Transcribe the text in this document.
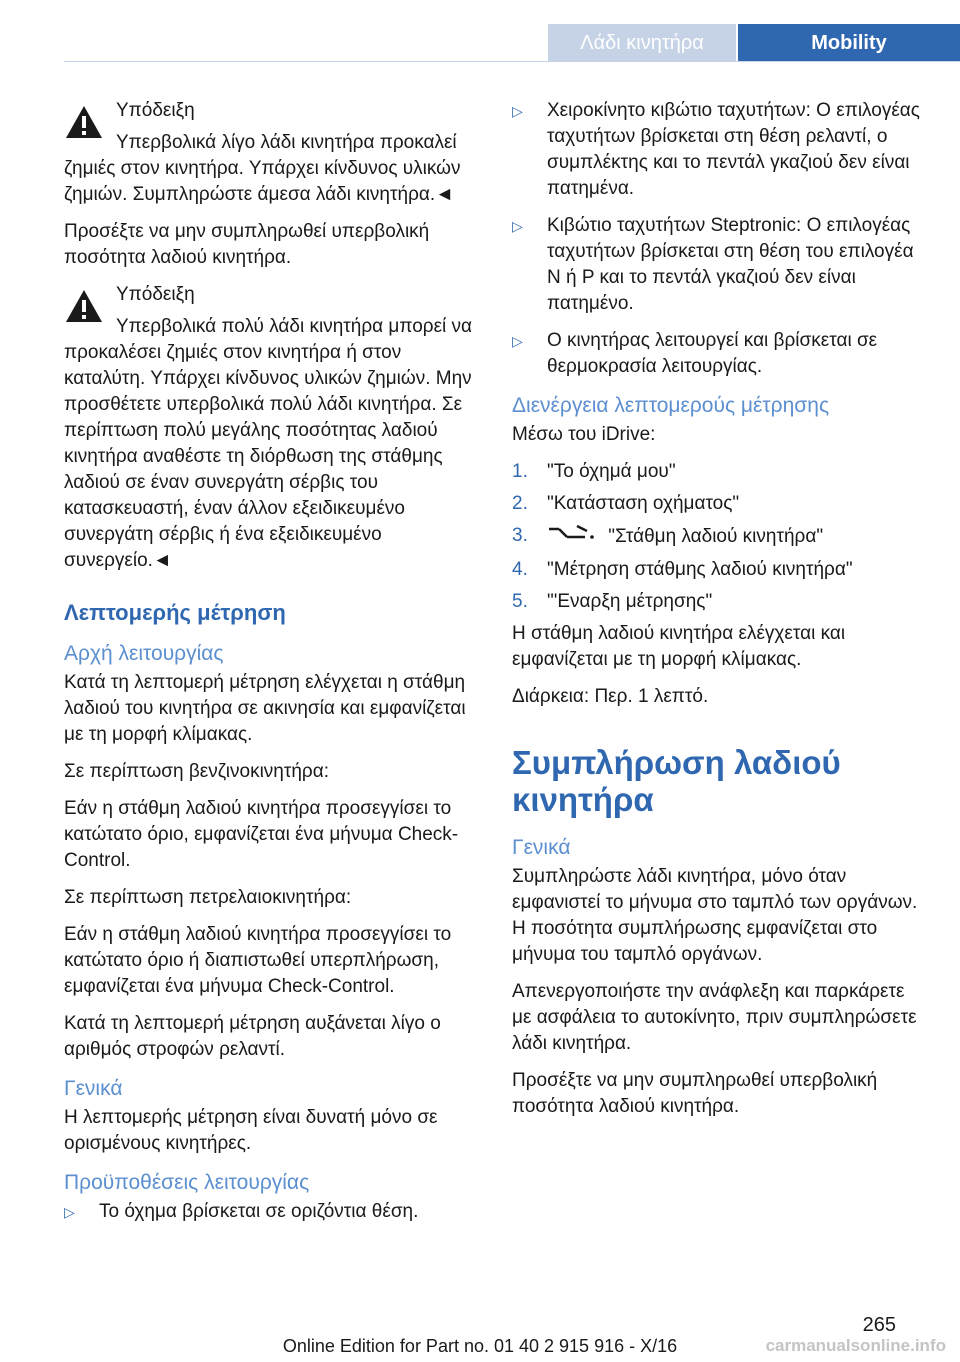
Λάδι κινητήρα	Mobility
Υπόδειξη
Υπερβολικά λίγο λάδι κινητήρα προκαλεί ζημιές στον κινητήρα. Υπάρχει κίνδυνος υλικών ζημιών. Συμπληρώστε άμεσα λάδι κινητήρα.◄

Προσέξτε να μην συμπληρωθεί υπερβολική ποσότητα λαδιού κινητήρα.

Υπόδειξη
Υπερβολικά πολύ λάδι κινητήρα μπορεί να προκαλέσει ζημιές στον κινητήρα ή στον καταλύτη. Υπάρχει κίνδυνος υλικών ζημιών. Μην προσθέτετε υπερβολικά πολύ λάδι κινητήρα. Σε περίπτωση πολύ μεγάλης ποσότητας λαδιού κινητήρα αναθέστε τη διόρθωση της στάθμης λαδιού σε έναν συνεργάτη σέρβις του κατασκευαστή, έναν άλλον εξειδικευμένο συνεργάτη σέρβις ή ένα εξειδικευμένο συνεργείο.◄
Λεπτομερής μέτρηση
Αρχή λειτουργίας

Κατά τη λεπτομερή μέτρηση ελέγχεται η στάθμη λαδιού του κινητήρα σε ακινησία και εμφανίζεται με τη μορφή κλίμακας.

Σε περίπτωση βενζινοκινητήρα:

Εάν η στάθμη λαδιού κινητήρα προσεγγίσει το κατώτατο όριο, εμφανίζεται ένα μήνυμα Check-Control.

Σε περίπτωση πετρελαιοκινητήρα:

Εάν η στάθμη λαδιού κινητήρα προσεγγίσει το κατώτατο όριο ή διαπιστωθεί υπερπλήρωση, εμφανίζεται ένα μήνυμα Check-Control.

Κατά τη λεπτομερή μέτρηση αυξάνεται λίγο ο αριθμός στροφών ρελαντί.

Γενικά

Η λεπτομερής μέτρηση είναι δυνατή μόνο σε ορισμένους κινητήρες.

Προϋποθέσεις λειτουργίας
▷ Το όχημα βρίσκεται σε οριζόντια θέση.
▷ Χειροκίνητο κιβώτιο ταχυτήτων: Ο επιλογέας ταχυτήτων βρίσκεται στη θέση ρελαντί, ο συμπλέκτης και το πεντάλ γκαζιού δεν είναι πατημένα.
▷ Κιβώτιο ταχυτήτων Steptronic: Ο επιλογέας ταχυτήτων βρίσκεται στη θέση του επιλογέα N ή P και το πεντάλ γκαζιού δεν είναι πατημένο.
▷ Ο κινητήρας λειτουργεί και βρίσκεται σε θερμοκρασία λειτουργίας.
Διενέργεια λεπτομερούς μέτρησης

Μέσω του iDrive:

1. "Το όχημά μου"
2. "Κατάσταση οχήματος"
3.	"Στάθμη λαδιού κινητήρα"
4. "Μέτρηση στάθμης λαδιού κινητήρα"
5. "'Εναρξη μέτρησης"

Η στάθμη λαδιού κινητήρα ελέγχεται και εμφανίζεται με τη μορφή κλίμακας.

Διάρκεια: Περ. 1 λεπτό.

Συμπλήρωση λαδιού κινητήρα
Γενικά

Συμπληρώστε λάδι κινητήρα, μόνο όταν εμφανιστεί το μήνυμα στο ταμπλό των οργάνων. Η ποσότητα συμπλήρωσης εμφανίζεται στο μήνυμα του ταμπλό οργάνων.

Απενεργοποιήστε την ανάφλεξη και παρκάρετε με ασφάλεια το αυτοκίνητο, πριν συμπληρώσετε λάδι κινητήρα.

Προσέξτε να μην συμπληρωθεί υπερβολική ποσότητα λαδιού κινητήρα.

265
Online Edition for Part no. 01 40 2 915 916 - X/16	carmanualsonline.info
